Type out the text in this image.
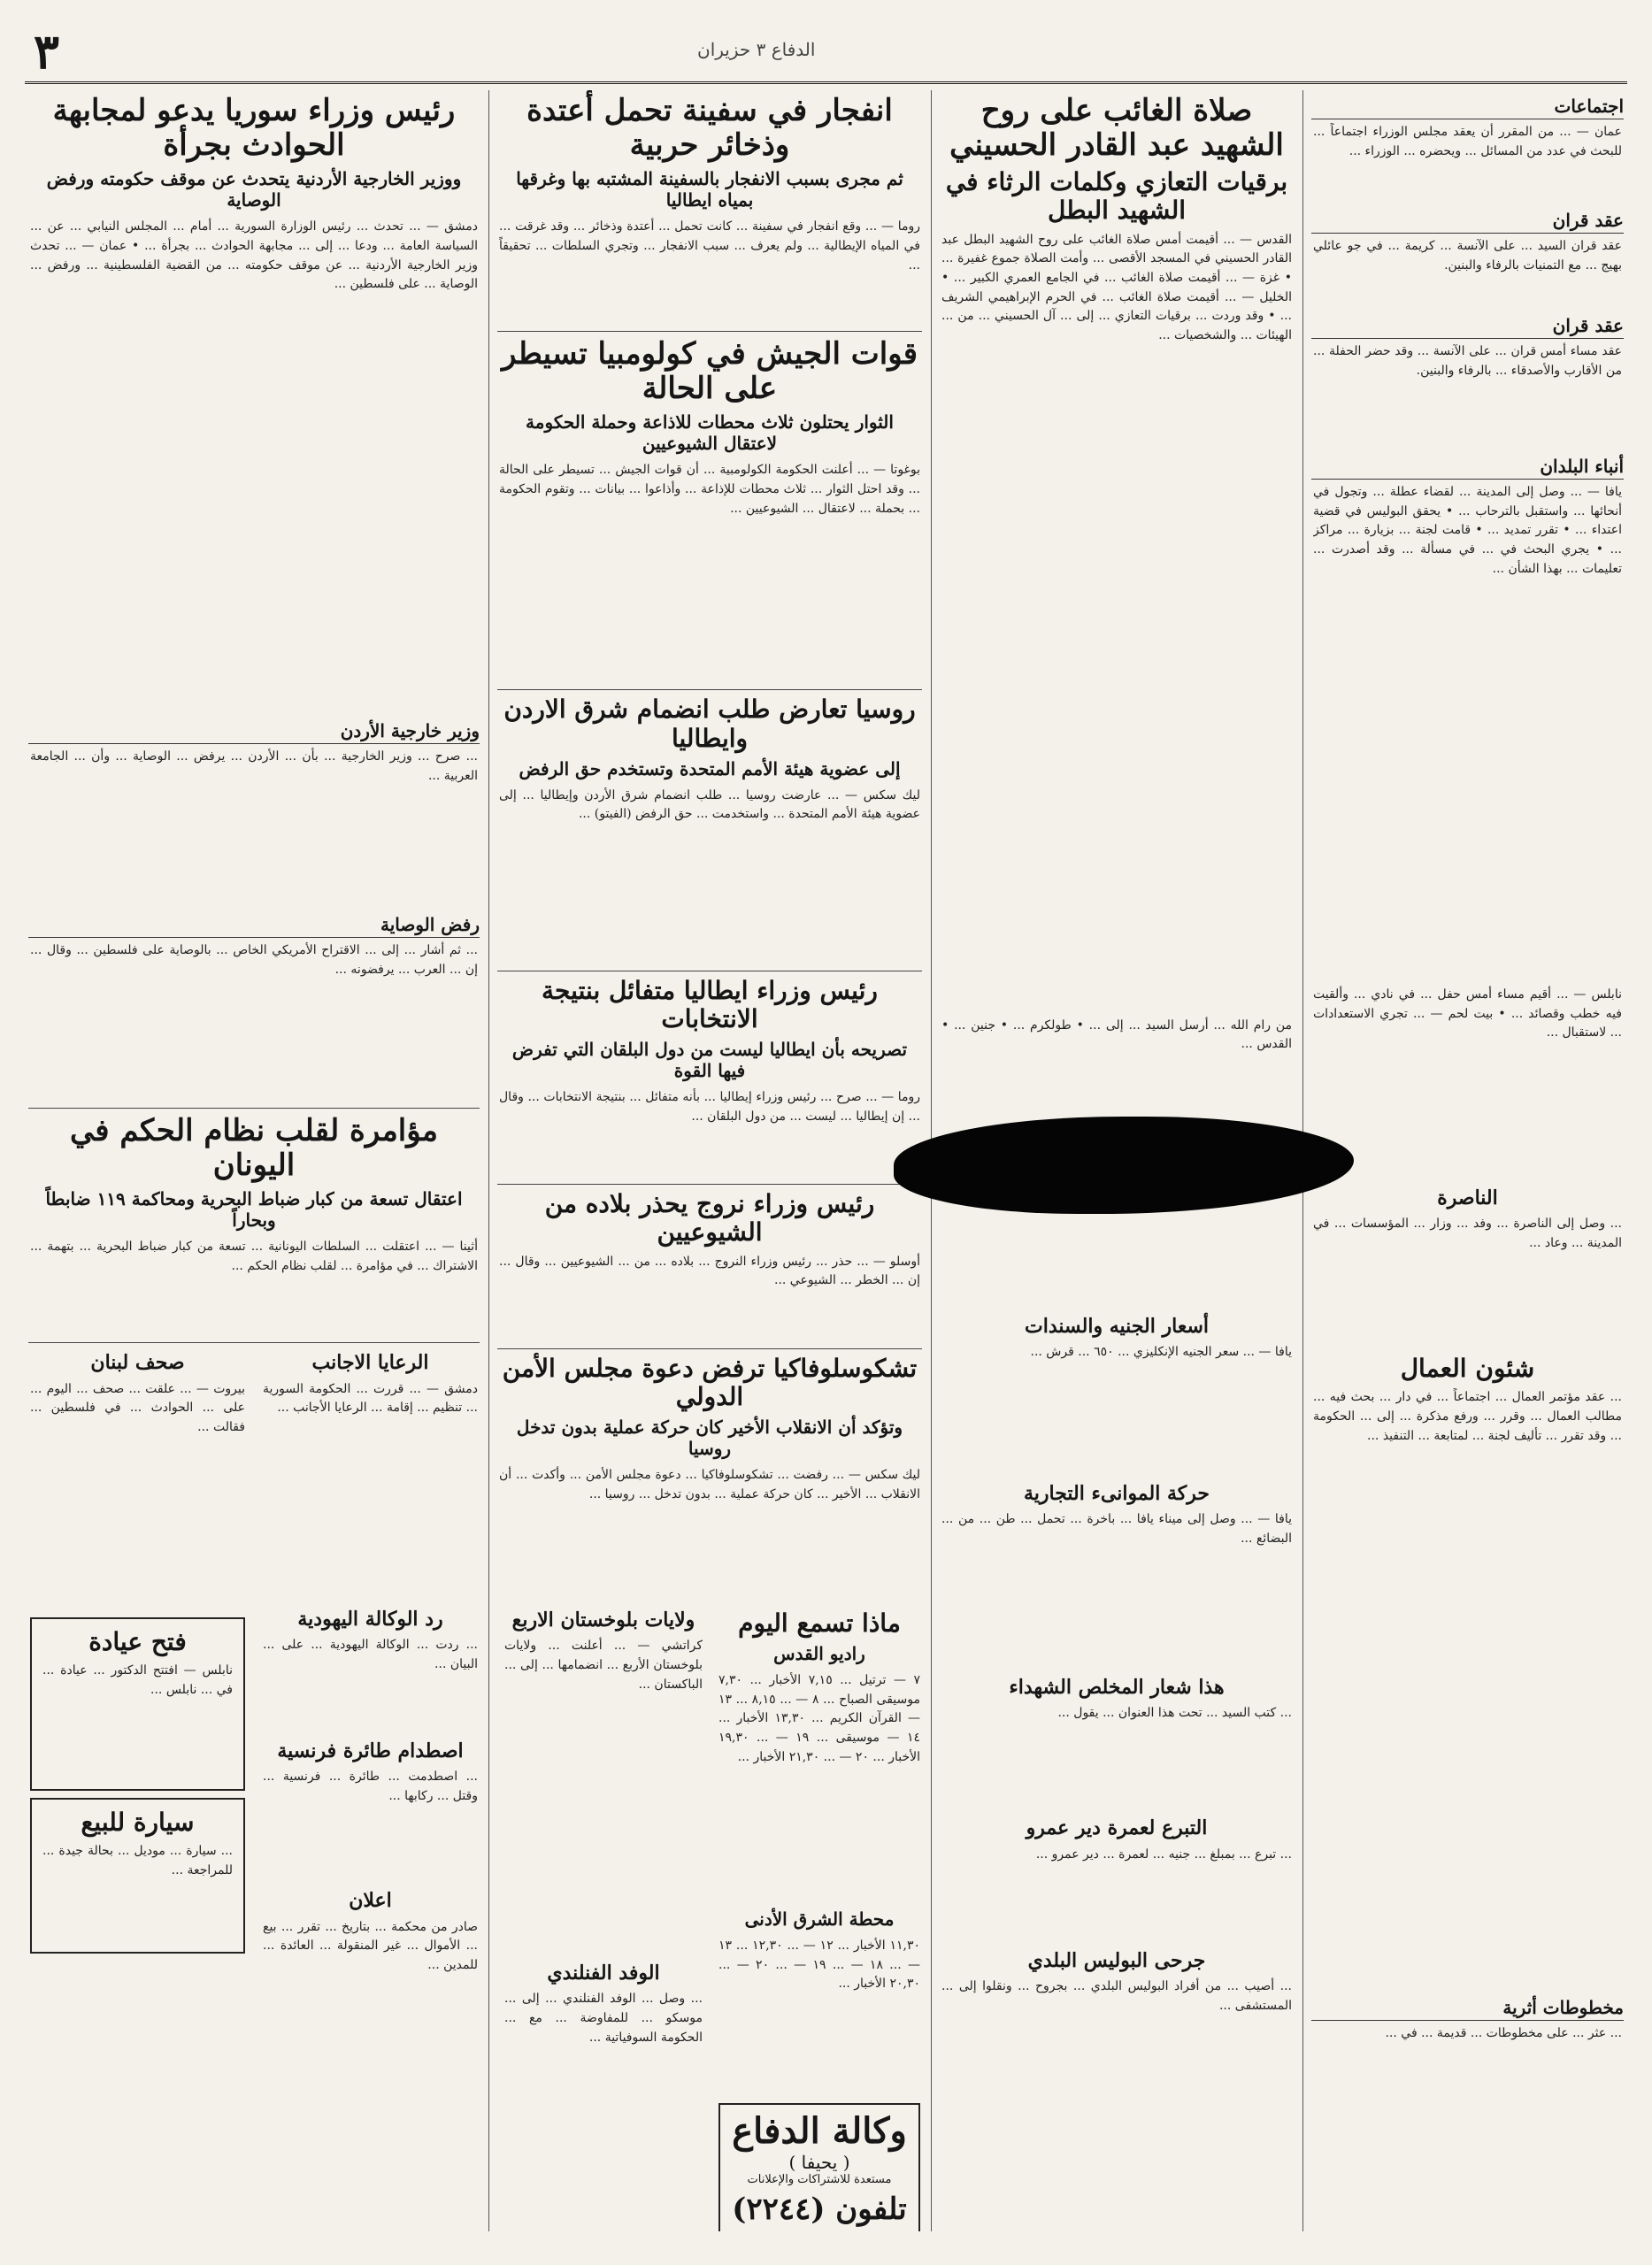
٣	الدفاع ٣ حزيران
اجتماعات
عمان — ... من المقرر أن يعقد مجلس الوزراء اجتماعاً ... للبحث في عدد من المسائل ... ويحضره ... الوزراء ...
عقد قران
عقد قران السيد ... على الآنسة ... كريمة ... في جو عائلي بهيج ... مع التمنيات بالرفاء والبنين.
عقد قران
عقد مساء أمس قران ... على الآنسة ... وقد حضر الحفلة ... من الأقارب والأصدقاء ... بالرفاء والبنين.
أنباء البلدان
يافا — ... وصل إلى المدينة ... لقضاء عطلة ... وتجول في أنحائها ... واستقبل بالترحاب ... • يحقق البوليس في قضية اعتداء ... • تقرر تمديد ... • قامت لجنة ... بزيارة ... مراكز ... • يجري البحث في ... في مسألة ... وقد أصدرت ... تعليمات ... بهذا الشأن ...
نابلس — ... أقيم مساء أمس حفل ... في نادي ... وألقيت فيه خطب وقصائد ... • بيت لحم — ... تجري الاستعدادات ... لاستقبال ...
الناصرة
... وصل إلى الناصرة ... وفد ... وزار ... المؤسسات ... في المدينة ... وعاد ...
شئون العمال
... عقد مؤتمر العمال ... اجتماعاً ... في دار ... بحث فيه ... مطالب العمال ... وقرر ... ورفع مذكرة ... إلى ... الحكومة ... وقد تقرر ... تأليف لجنة ... لمتابعة ... التنفيذ ...
مخطوطات أثرية
... عثر ... على مخطوطات ... قديمة ... في ...
صلاة الغائب على روح الشهيد عبد القادر الحسيني
برقيات التعازي وكلمات الرثاء في الشهيد البطل
القدس — ... أقيمت أمس صلاة الغائب على روح الشهيد البطل عبد القادر الحسيني في المسجد الأقصى ... وأمت الصلاة جموع غفيرة ... • غزة — ... أقيمت صلاة الغائب ... في الجامع العمري الكبير ... • الخليل — ... أقيمت صلاة الغائب ... في الحرم الإبراهيمي الشريف ... • وقد وردت ... برقيات التعازي ... إلى ... آل الحسيني ... من ... الهيئات ... والشخصيات ...
من رام الله ... أرسل السيد ... إلى ... • طولكرم ... • جنين ... • القدس ...
أسعار الجنيه والسندات
يافا — ... سعر الجنيه الإنكليزي ... ٦٥٠ ... قرش ...
حركة الموانىء التجارية
يافا — ... وصل إلى ميناء يافا ... باخرة ... تحمل ... طن ... من ... البضائع ...
هذا شعار المخلص الشهداء
... كتب السيد ... تحت هذا العنوان ... يقول ...
التبرع لعمرة دير عمرو
... تبرع ... بمبلغ ... جنيه ... لعمرة ... دير عمرو ...
جرحى البوليس البلدي
... أصيب ... من أفراد البوليس البلدي ... بجروح ... ونقلوا إلى ... المستشفى ...
انفجار في سفينة تحمل أعتدة وذخائر حربية
ثم مجرى بسبب الانفجار بالسفينة المشتبه بها وغرقها بمياه ايطاليا
روما — ... وقع انفجار في سفينة ... كانت تحمل ... أعتدة وذخائر ... وقد غرقت ... في المياه الإيطالية ... ولم يعرف ... سبب الانفجار ... وتجري السلطات ... تحقيقاً ...
قوات الجيش في كولومبيا تسيطر على الحالة
الثوار يحتلون ثلاث محطات للاذاعة وحملة الحكومة لاعتقال الشيوعيين
بوغوتا — ... أعلنت الحكومة الكولومبية ... أن قوات الجيش ... تسيطر على الحالة ... وقد احتل الثوار ... ثلاث محطات للإذاعة ... وأذاعوا ... بيانات ... وتقوم الحكومة ... بحملة ... لاعتقال ... الشيوعيين ...
روسيا تعارض طلب انضمام شرق الاردن وايطاليا
إلى عضوية هيئة الأمم المتحدة وتستخدم حق الرفض
ليك سكس — ... عارضت روسيا ... طلب انضمام شرق الأردن وإيطاليا ... إلى عضوية هيئة الأمم المتحدة ... واستخدمت ... حق الرفض (الفيتو) ...
رئيس وزراء ايطاليا متفائل بنتيجة الانتخابات
تصريحه بأن ايطاليا ليست من دول البلقان التي تفرض فيها القوة
روما — ... صرح ... رئيس وزراء إيطاليا ... بأنه متفائل ... بنتيجة الانتخابات ... وقال ... إن إيطاليا ... ليست ... من دول البلقان ...
رئيس وزراء نروج يحذر بلاده من الشيوعيين
أوسلو — ... حذر ... رئيس وزراء النروج ... بلاده ... من ... الشيوعيين ... وقال ... إن ... الخطر ... الشيوعي ...
تشكوسلوفاكيا ترفض دعوة مجلس الأمن الدولي
وتؤكد أن الانقلاب الأخير كان حركة عملية بدون تدخل روسيا
ليك سكس — ... رفضت ... تشكوسلوفاكيا ... دعوة مجلس الأمن ... وأكدت ... أن الانقلاب ... الأخير ... كان حركة عملية ... بدون تدخل ... روسيا ...
ماذا تسمع اليوم
راديو القدس
٧ — ترتيل ... ٧,١٥ الأخبار ... ٧,٣٠ موسيقى الصباح ... ٨ — ... ٨,١٥ ... ١٣ — القرآن الكريم ... ١٣,٣٠ الأخبار ... ١٤ — موسيقى ... ١٩ — ... ١٩,٣٠ الأخبار ... ٢٠ — ... ٢١,٣٠ الأخبار ...
محطة الشرق الأدنى
١١,٣٠ الأخبار ... ١٢ — ... ١٢,٣٠ ... ١٣ — ... ١٨ — ... ١٩ — ... ٢٠ — ... ٢٠,٣٠ الأخبار ...
وكالة الدفاع
( يحيفا )
مستعدة للاشتراكات والإعلانات
تلفون (٢٢٤٤)
ولايات بلوخستان الاربع
كراتشي — ... أعلنت ... ولايات بلوخستان الأربع ... انضمامها ... إلى ... الباكستان ...
الوفد الفنلندي
... وصل ... الوفد الفنلندي ... إلى ... موسكو ... للمفاوضة ... مع ... الحكومة السوفياتية ...
رئيس وزراء سوريا يدعو لمجابهة الحوادث بجرأة
ووزير الخارجية الأردنية يتحدث عن موقف حكومته ورفض الوصاية
دمشق — ... تحدث ... رئيس الوزارة السورية ... أمام ... المجلس النيابي ... عن ... السياسة العامة ... ودعا ... إلى ... مجابهة الحوادث ... بجرأة ... • عمان — ... تحدث وزير الخارجية الأردنية ... عن موقف حكومته ... من القضية الفلسطينية ... ورفض ... الوصاية ... على فلسطين ...
وزير خارجية الأردن
... صرح ... وزير الخارجية ... بأن ... الأردن ... يرفض ... الوصاية ... وأن ... الجامعة العربية ...
رفض الوصاية
... ثم أشار ... إلى ... الاقتراح الأمريكي الخاص ... بالوصاية على فلسطين ... وقال ... إن ... العرب ... يرفضونه ...
مؤامرة لقلب نظام الحكم في اليونان
اعتقال تسعة من كبار ضباط البحرية ومحاكمة ١١٩ ضابطاً وبحاراً
أثينا — ... اعتقلت ... السلطات اليونانية ... تسعة من كبار ضباط البحرية ... بتهمة ... الاشتراك ... في مؤامرة ... لقلب نظام الحكم ...
الرعايا الاجانب
دمشق — ... قررت ... الحكومة السورية ... تنظيم ... إقامة ... الرعايا الأجانب ...
رد الوكالة اليهودية
... ردت ... الوكالة اليهودية ... على ... البيان ...
اصطدام طائرة فرنسية
... اصطدمت ... طائرة ... فرنسية ... وقتل ... ركابها ...
اعلان
صادر من محكمة ... بتاريخ ... تقرر ... بيع ... الأموال ... غير المنقولة ... العائدة ... للمدين ...
صحف لبنان
بيروت — ... علقت ... صحف ... اليوم ... على ... الحوادث ... في فلسطين ... فقالت ...
فتح عيادة
نابلس — افتتح الدكتور ... عيادة ... في ... نابلس ...
سيارة للبيع
... سيارة ... موديل ... بحالة جيدة ... للمراجعة ...
